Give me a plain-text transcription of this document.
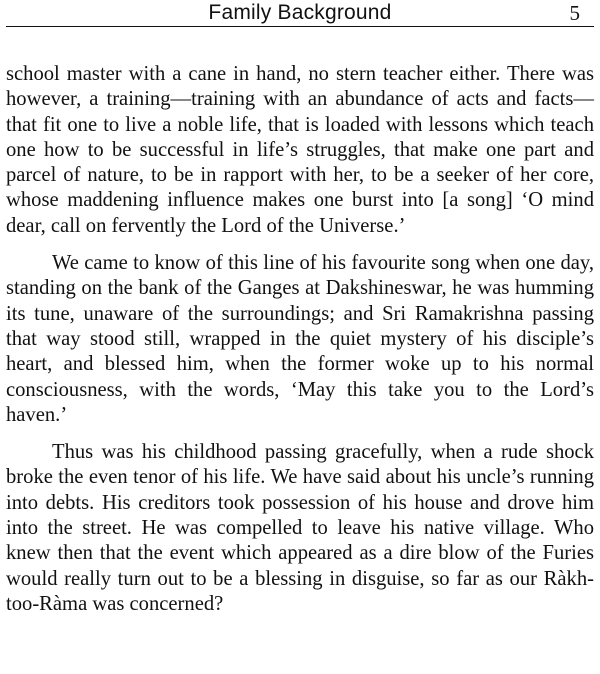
Family Background	5

school master with a cane in hand, no stern teacher either. There was however, a training—training with an abundance of acts and facts—that fit one to live a noble life, that is loaded with lessons which teach one how to be successful in life’s struggles, that make one part and parcel of nature, to be in rapport with her, to be a seeker of her core, whose maddening influence makes one burst into [a song] ‘O mind dear, call on fervently the Lord of the Universe.’

We came to know of this line of his favourite song when one day, standing on the bank of the Ganges at Dakshineswar, he was humming its tune, unaware of the surroundings; and Sri Ramakrishna passing that way stood still, wrapped in the quiet mystery of his disciple’s heart, and blessed him, when the former woke up to his normal consciousness, with the words, ‘May this take you to the Lord’s haven.’

Thus was his childhood passing gracefully, when a rude shock broke the even tenor of his life. We have said about his uncle’s running into debts. His creditors took possession of his house and drove him into the street. He was compelled to leave his native village. Who knew then that the event which appeared as a dire blow of the Furies would really turn out to be a blessing in disguise, so far as our Ràkh-too-Ràma was concerned?
